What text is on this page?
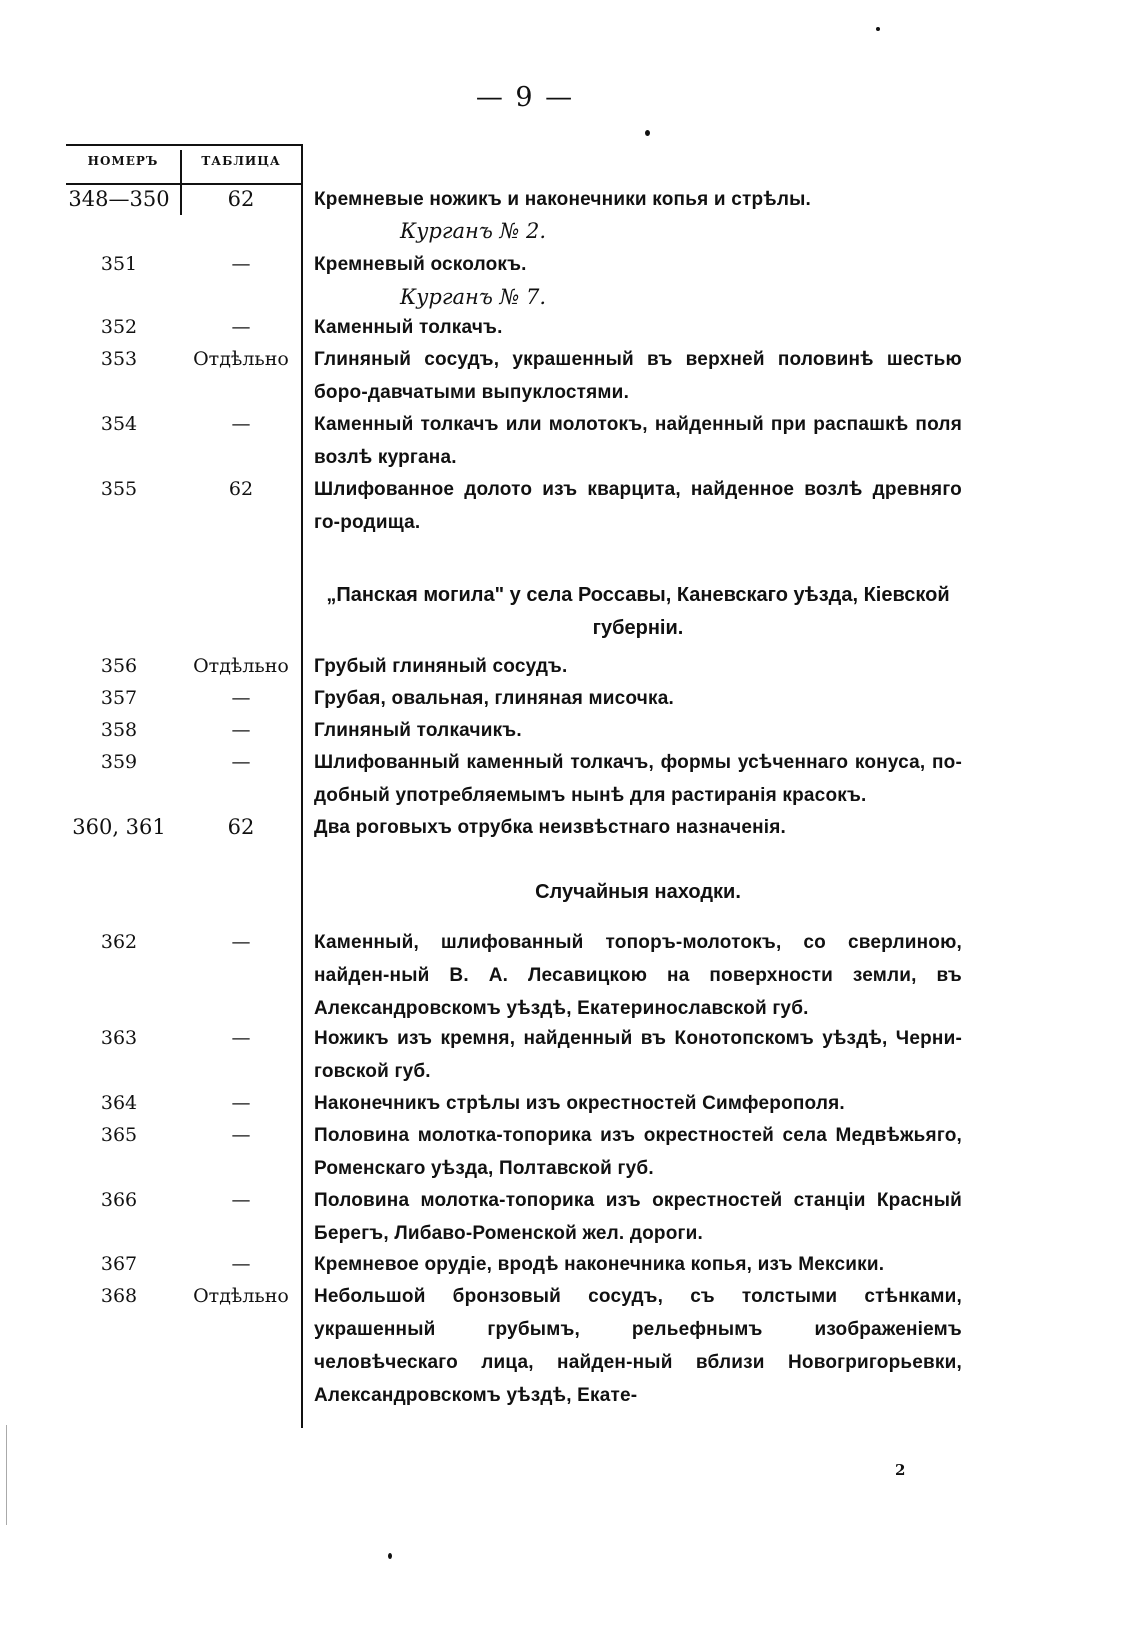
— 9 —
НОМЕРЪ	ТАБЛИЦА
348—350	62	Кремневые ножикъ и наконечники копья и стрѣлы.
Курганъ № 2.
351	—	Кремневый осколокъ.
Курганъ № 7.
352	—	Каменный толкачъ.
353	Отдѣльно	Глиняный сосудъ, украшенный въ верхней половинѣ шестью боро-давчатыми выпуклостями.
354	—	Каменный толкачъ или молотокъ, найденный при распашкѣ поля возлѣ кургана.
355	62	Шлифованное долото изъ кварцита, найденное возлѣ древняго го-родища.
„Панская могила" у села Россавы, Каневскаго уѣзда, Кіевской губерніи.
356	Отдѣльно	Грубый глиняный сосудъ.
357	—	Грубая, овальная, глиняная мисочка.
358	—	Глиняный толкачикъ.
359	—	Шлифованный каменный толкачъ, формы усѣченнаго конуса, по-добный употребляемымъ нынѣ для растиранія красокъ.
360, 361	62	Два роговыхъ отрубка неизвѣстнаго назначенія.
Случайныя находки.
362	—	Каменный, шлифованный топоръ-молотокъ, со сверлиною, найден-ный В. А. Лесавицкою на поверхности земли, въ Александровскомъ уѣздѣ, Екатеринославской губ.
363	—	Ножикъ изъ кремня, найденный въ Конотопскомъ уѣздѣ, Черни-говской губ.
364	—	Наконечникъ стрѣлы изъ окрестностей Симферополя.
365	—	Половина молотка-топорика изъ окрестностей села Медвѣжьяго, Роменскаго уѣзда, Полтавской губ.
366	—	Половина молотка-топорика изъ окрестностей станціи Красный Берегъ, Либаво-Роменской жел. дороги.
367	—	Кремневое орудіе, вродѣ наконечника копья, изъ Мексики.
368	Отдѣльно	Небольшой бронзовый сосудъ, съ толстыми стѣнками, украшенный грубымъ, рельефнымъ изображеніемъ человѣческаго лица, найден-ный вблизи Новогригорьевки, Александровскомъ уѣздѣ, Екате-
2
